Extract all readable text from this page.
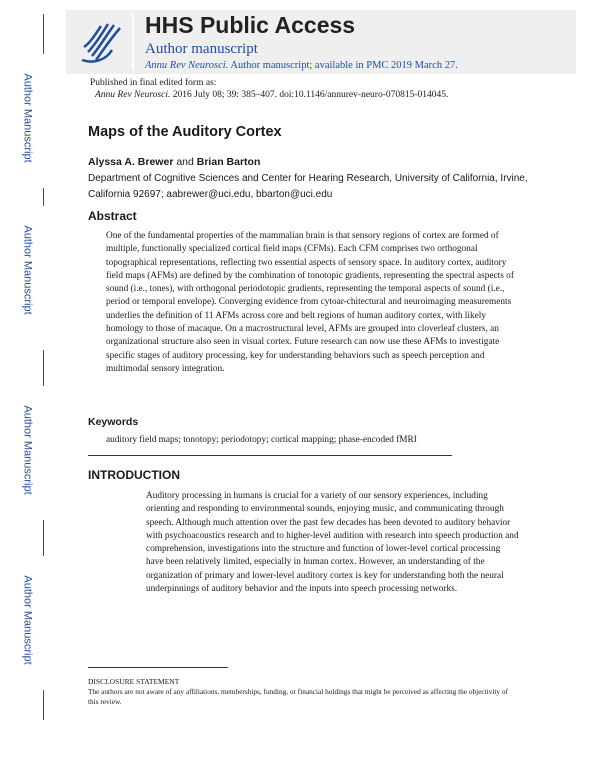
HHS Public Access
Author manuscript
Annu Rev Neurosci. Author manuscript; available in PMC 2019 March 27.
Author Manuscript
Author Manuscript
Author Manuscript
Author Manuscript
Published in final edited form as:
Annu Rev Neurosci. 2016 July 08; 39: 385–407. doi:10.1146/annurev-neuro-070815-014045.
Maps of the Auditory Cortex
Alyssa A. Brewer and Brian Barton
Department of Cognitive Sciences and Center for Hearing Research, University of California, Irvine, California 92697; aabrewer@uci.edu, bbarton@uci.edu
Abstract

One of the fundamental properties of the mammalian brain is that sensory regions of cortex are formed of multiple, functionally specialized cortical field maps (CFMs). Each CFM comprises two orthogonal topographical representations, reflecting two essential aspects of sensory space. In auditory cortex, auditory field maps (AFMs) are defined by the combination of tonotopic gradients, representing the spectral aspects of sound (i.e., tones), with orthogonal periodotopic gradients, representing the temporal aspects of sound (i.e., period or temporal envelope). Converging evidence from cytoar-chitectural and neuroimaging measurements underlies the definition of 11 AFMs across core and belt regions of human auditory cortex, with likely homology to those of macaque. On a macrostructural level, AFMs are grouped into cloverleaf clusters, an organizational structure also seen in visual cortex. Future research can now use these AFMs to investigate specific stages of auditory processing, key for understanding behaviors such as speech perception and multimodal sensory integration.

Keywords
auditory field maps; tonotopy; periodotopy; cortical mapping; phase-encoded fMRI
INTRODUCTION

Auditory processing in humans is crucial for a variety of our sensory experiences, including orienting and responding to environmental sounds, enjoying music, and communicating through speech. Although much attention over the past few decades has been devoted to auditory behavior with psychoacoustics research and to higher-level audition with research into speech production and comprehension, investigations into the structure and function of lower-level cortical processing have been relatively limited, especially in human cortex. However, an understanding of the organization of primary and lower-level auditory cortex is key for understanding both the neural underpinnings of auditory behavior and the inputs into speech processing networks.

DISCLOSURE STATEMENT
The authors are not aware of any affiliations, memberships, funding, or financial holdings that might be perceived as affecting the objectivity of this review.
